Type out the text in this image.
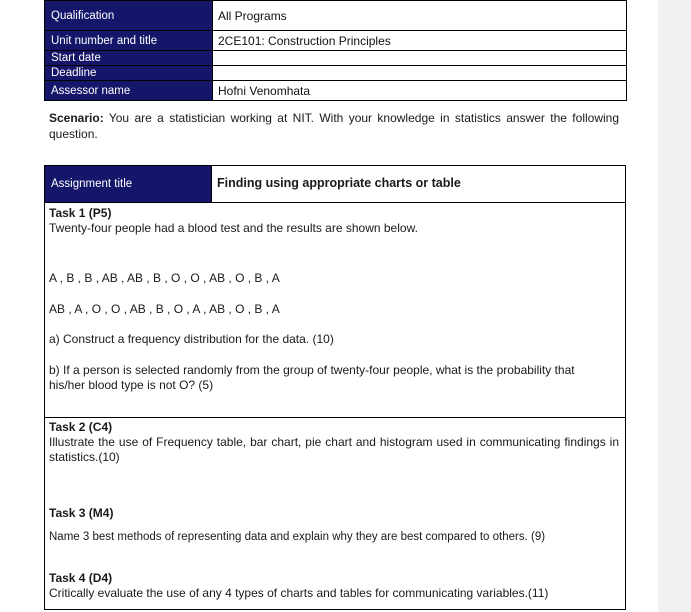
Qualification	All Programs
Unit number and title	2CE101: Construction Principles
Start date	
Deadline	
Assessor name	Hofni Venomhata
Scenario: You are a statistician working at NIT. With your knowledge in statistics answer the following question.
Assignment title	Finding using appropriate charts or table
Task 1 (P5)
Twenty-four people had a blood test and the results are shown below.
A , B , B , AB , AB , B , O , O , AB , O , B , A
AB , A , O , O , AB , B , O , A , AB , O , B , A
a) Construct a frequency distribution for the data. (10)
b) If a person is selected randomly from the group of twenty-four people, what is the probability that his/her blood type is not O? (5)
Task 2 (C4)
Illustrate the use of Frequency table, bar chart, pie chart and histogram used in communicating findings in statistics.(10)
Task 3 (M4)
Name 3 best methods of representing data and explain why they are best compared to others. (9)
Task 4 (D4)
Critically evaluate the use of any 4 types of charts and tables for communicating variables.(11)
